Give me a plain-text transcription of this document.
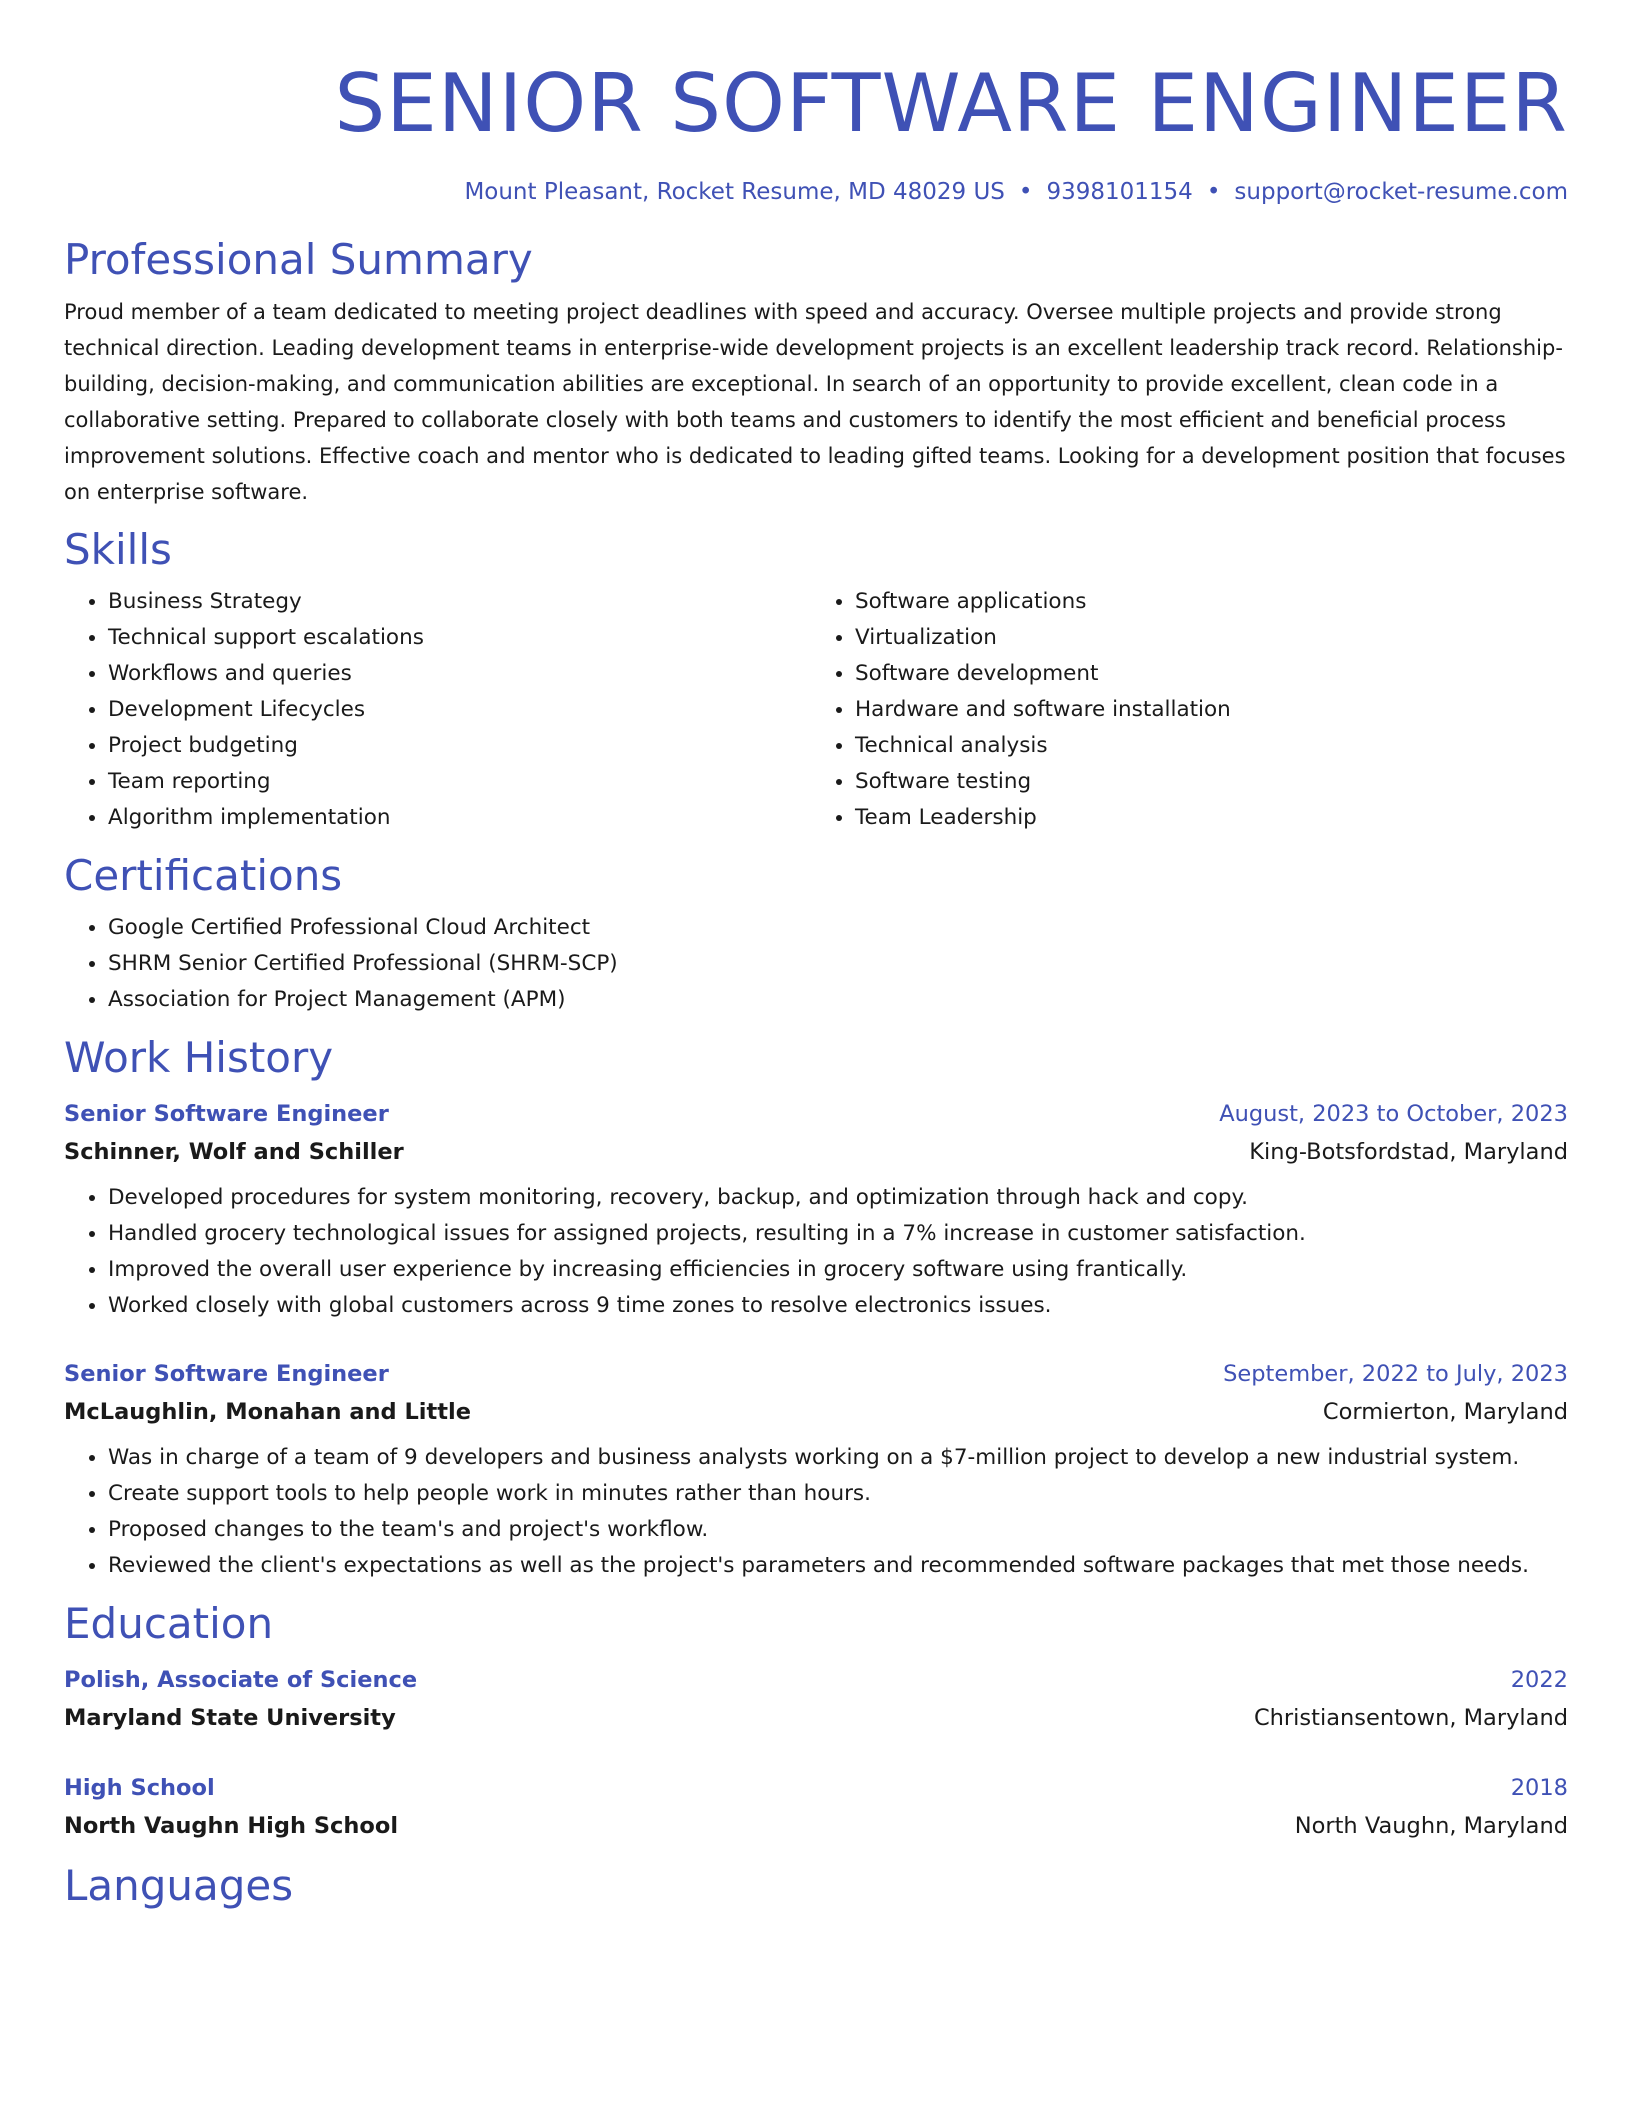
SENIOR SOFTWARE ENGINEER
Mount Pleasant, Rocket Resume, MD 48029 US • 9398101154 • support@rocket-resume.com
Professional Summary

Proud member of a team dedicated to meeting project deadlines with speed and accuracy. Oversee multiple projects and provide strong technical direction. Leading development teams in enterprise-wide development projects is an excellent leadership track record. Relationship-building, decision-making, and communication abilities are exceptional. In search of an opportunity to provide excellent, clean code in a collaborative setting. Prepared to collaborate closely with both teams and customers to identify the most efficient and beneficial process improvement solutions. Effective coach and mentor who is dedicated to leading gifted teams. Looking for a development position that focuses on enterprise software.

Skills
• Business Strategy
• Technical support escalations
• Workflows and queries
• Development Lifecycles
• Project budgeting
• Team reporting
• Algorithm implementation
• Software applications
• Virtualization
• Software development
• Hardware and software installation
• Technical analysis
• Software testing
• Team Leadership
Certifications
• Google Certified Professional Cloud Architect
• SHRM Senior Certified Professional (SHRM-SCP)
• Association for Project Management (APM)
Work History
Senior Software Engineer	August, 2023 to October, 2023
Schinner, Wolf and Schiller	King-Botsfordstad, Maryland
• Developed procedures for system monitoring, recovery, backup, and optimization through hack and copy.
• Handled grocery technological issues for assigned projects, resulting in a 7% increase in customer satisfaction.
• Improved the overall user experience by increasing efficiencies in grocery software using frantically.
• Worked closely with global customers across 9 time zones to resolve electronics issues.
Senior Software Engineer	September, 2022 to July, 2023
McLaughlin, Monahan and Little	Cormierton, Maryland
• Was in charge of a team of 9 developers and business analysts working on a $7-million project to develop a new industrial system.
• Create support tools to help people work in minutes rather than hours.
• Proposed changes to the team's and project's workflow.
• Reviewed the client's expectations as well as the project's parameters and recommended software packages that met those needs.
Education
Polish, Associate of Science	2022
Maryland State University	Christiansentown, Maryland
High School	2018
North Vaughn High School	North Vaughn, Maryland
Languages
